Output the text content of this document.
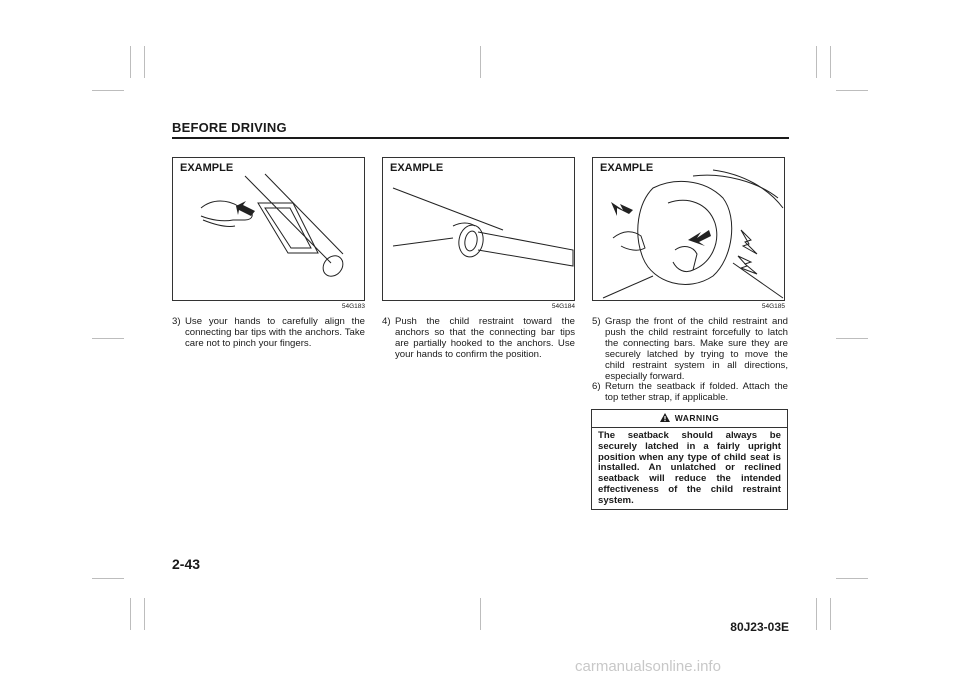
BEFORE DRIVING
EXAMPLE
54G183
EXAMPLE
54G184
EXAMPLE
54G185
3) Use your hands to carefully align the connecting bar tips with the anchors. Take care not to pinch your fingers.
4) Push the child restraint toward the anchors so that the connecting bar tips are partially hooked to the anchors. Use your hands to confirm the position.
5) Grasp the front of the child restraint and push the child restraint forcefully to latch the connecting bars. Make sure they are securely latched by trying to move the child restraint system in all directions, especially forward.
6) Return the seatback if folded. Attach the top tether strap, if applicable.
WARNING
The seatback should always be securely latched in a fairly upright position when any type of child seat is installed. An unlatched or reclined seatback will reduce the intended effectiveness of the child restraint system.
2-43
80J23-03E
carmanualsonline.info
